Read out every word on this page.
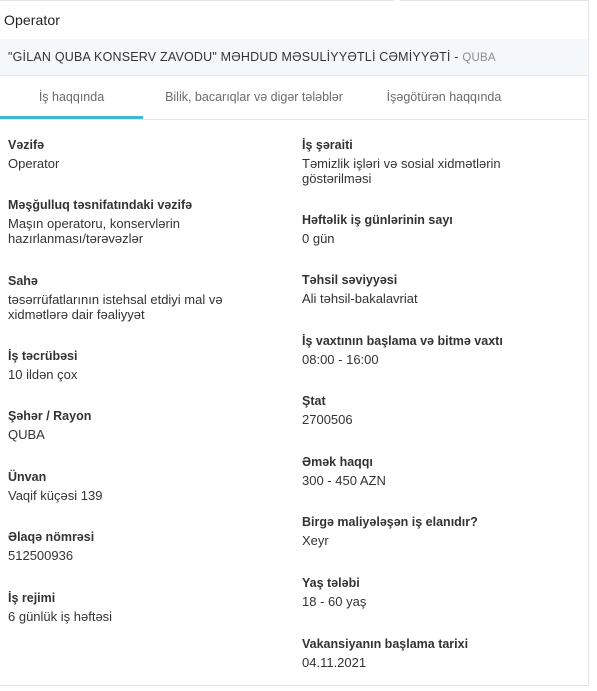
Operator
"GİLAN QUBA KONSERV ZAVODU" MƏHDUD MƏSULİYYƏTLİ CƏMİYYƏTİ - QUBA
İş haqqında	Bilik, bacarıqlar və digər tələblər	İşəgötürən haqqında
Vəzifə
Operator
Məşğulluq təsnifatındaki vəzifə
Maşın operatoru, konservlərin hazırlanması/tərəvəzlər
Sahə
təsərrüfatlarının istehsal etdiyi mal və xidmətlərə dair fəaliyyət
İş təcrübəsi
10 ildən çox
Şəhər / Rayon
QUBA
Ünvan
Vaqif küçəsi 139
Əlaqə nömrəsi
512500936
İş rejimi
6 günlük iş həftəsi
İş şəraiti
Təmizlik işləri və sosial xidmətlərin göstərilməsi
Həftəlik iş günlərinin sayı
0 gün
Təhsil səviyyəsi
Ali təhsil-bakalavriat
İş vaxtının başlama və bitmə vaxtı
08:00 - 16:00
Ştat
2700506
Əmək haqqı
300 - 450 AZN
Birgə maliyələşən iş elanıdır?
Xeyr
Yaş tələbi
18 - 60 yaş
Vakansiyanın başlama tarixi
04.11.2021
